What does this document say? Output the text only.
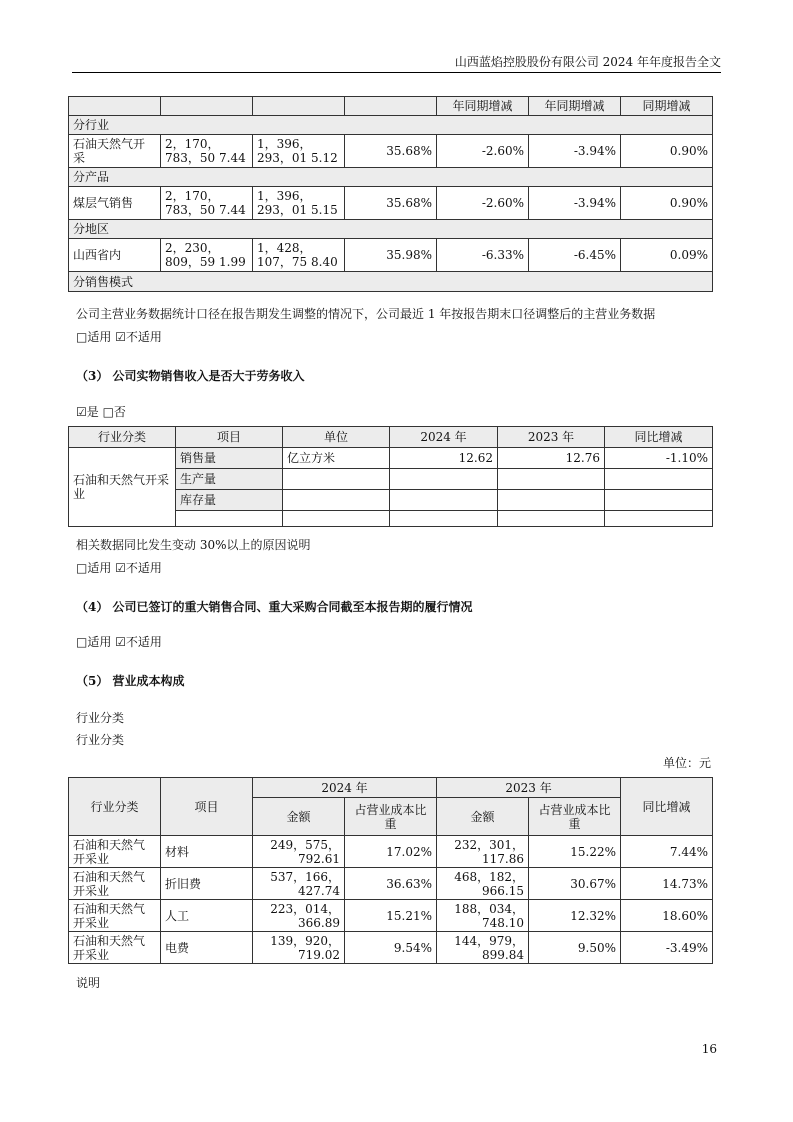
山西蓝焰控股股份有限公司 2024 年年度报告全文
				年同期增减	年同期增减	同期增减
分行业						
石油天然气开采	2，170，783，50 7.44	1，396，293，01 5.12	35.68%	-2.60%	-3.94%	0.90%
分产品						
煤层气销售	2，170，783，50 7.44	1，396，293，01 5.15	35.68%	-2.60%	-3.94%	0.90%
分地区						
山西省内	2，230，809，59 1.99	1，428，107，75 8.40	35.98%	-6.33%	-6.45%	0.09%
分销售模式						
公司主营业务数据统计口径在报告期发生调整的情况下，公司最近 1 年按报告期末口径调整后的主营业务数据
□适用 ☑不适用
（3） 公司实物销售收入是否大于劳务收入
☑是 □否
行业分类	项目	单位	2024 年	2023 年	同比增减
石油和天然气开采业	销售量	亿立方米	12.62	12.76	-1.10%
	生产量				
	库存量				

相关数据同比发生变动 30%以上的原因说明
□适用 ☑不适用
（4） 公司已签订的重大销售合同、重大采购合同截至本报告期的履行情况
□适用 ☑不适用
（5） 营业成本构成
行业分类
行业分类
单位：元
行业分类	项目	2024 年		2023 年		同比增减
		金额	占营业成本比重	金额	占营业成本比重	
石油和天然气开采业	材料	249，575，792.61	17.02%	232，301，117.86	15.22%	7.44%
石油和天然气开采业	折旧费	537，166，427.74	36.63%	468，182，966.15	30.67%	14.73%
石油和天然气开采业	人工	223，014，366.89	15.21%	188，034，748.10	12.32%	18.60%
石油和天然气开采业	电费	139，920，719.02	9.54%	144，979，899.84	9.50%	-3.49%
说明
16
